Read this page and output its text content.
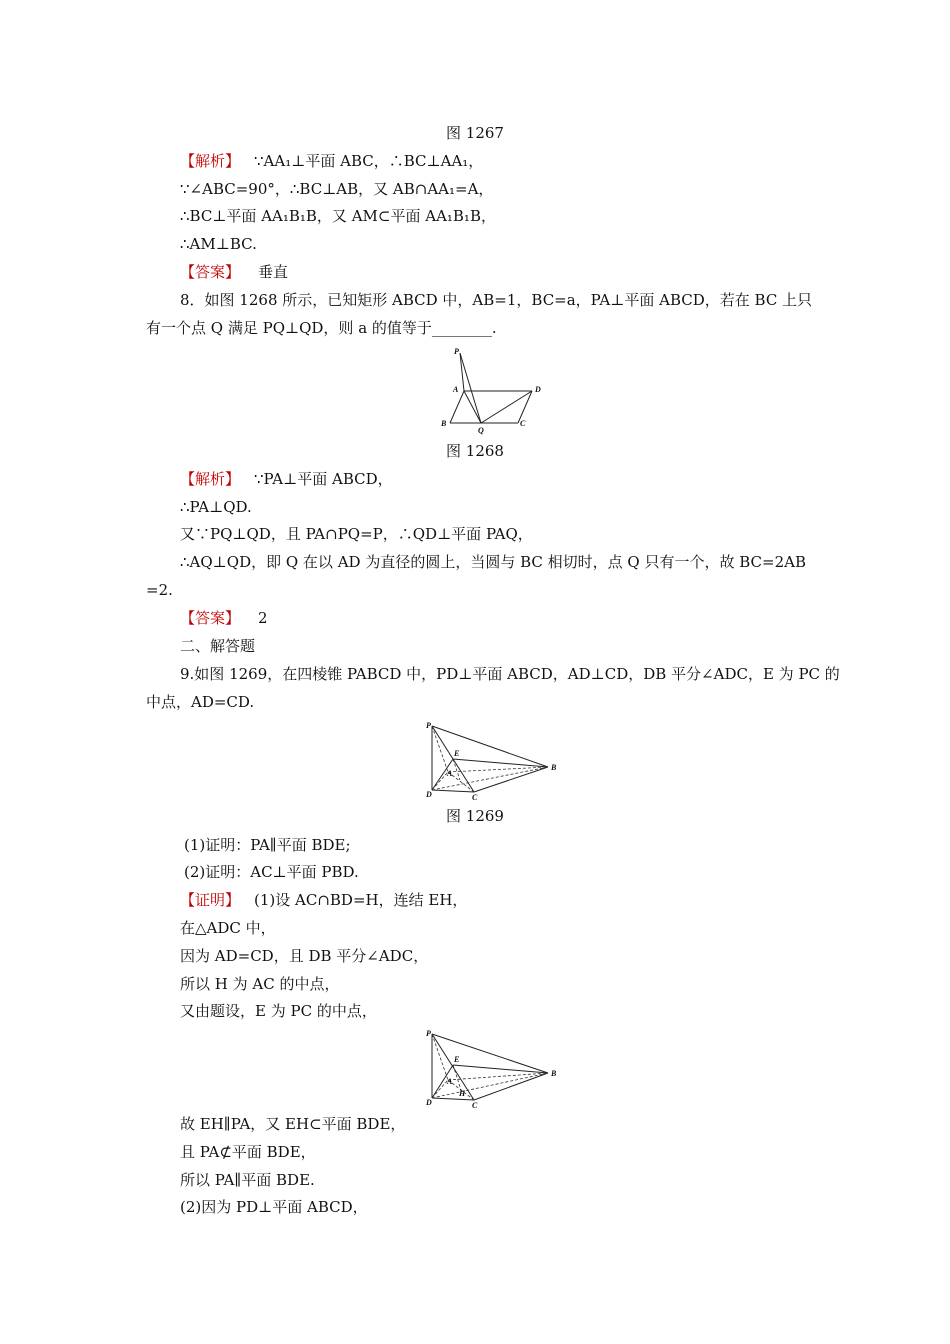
图 1267
【解析】 ∵AA₁⊥平面 ABC，∴BC⊥AA₁，
∵∠ABC=90°，∴BC⊥AB，又 AB∩AA₁=A，
∴BC⊥平面 AA₁B₁B，又 AM⊂平面 AA₁B₁B，
∴AM⊥BC.
【答案】 垂直
8．如图 1268 所示，已知矩形 ABCD 中，AB=1，BC=a，PA⊥平面 ABCD，若在 BC 上只
有一个点 Q 满足 PQ⊥QD，则 a 的值等于________.
P
A	D
B
Q
C
图 1268
【解析】 ∵PA⊥平面 ABCD，
∴PA⊥QD.
又∵PQ⊥QD，且 PA∩PQ=P，∴QD⊥平面 PAQ，
∴AQ⊥QD，即 Q 在以 AD 为直径的圆上，当圆与 BC 相切时，点 Q 只有一个，故 BC=2AB
=2.
【答案】 2
二、解答题
9.如图 1269，在四棱锥 PABCD 中，PD⊥平面 ABCD，AD⊥CD，DB 平分∠ADC，E 为 PC 的
中点，AD=CD.
P
E
A
B
D	C
图 1269
(1)证明：PA∥平面 BDE;
(2)证明：AC⊥平面 PBD.
【证明】 (1)设 AC∩BD=H，连结 EH，
在△ADC 中，
因为 AD=CD，且 DB 平分∠ADC，
所以 H 为 AC 的中点，
又由题设，E 为 PC 的中点，
P
E
A
B
D	C
H
故 EH∥PA，又 EH⊂平面 BDE，
且 PA⊄平面 BDE，
所以 PA∥平面 BDE.
(2)因为 PD⊥平面 ABCD，
